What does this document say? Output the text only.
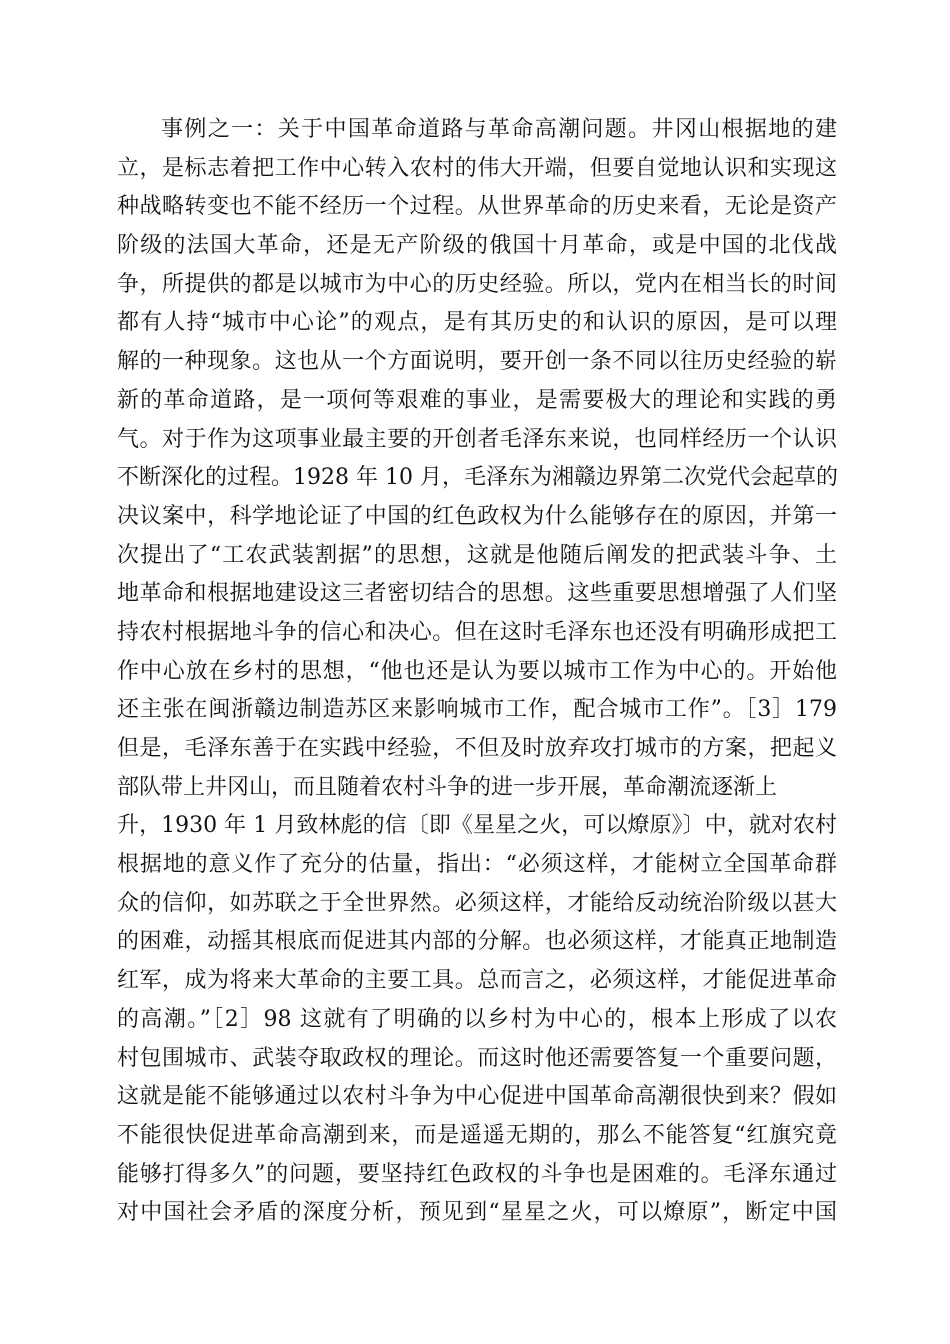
事例之一：关于中国革命道路与革命高潮问题。井冈山根据地的建
立，是标志着把工作中心转入农村的伟大开端，但要自觉地认识和实现这
种战略转变也不能不经历一个过程。从世界革命的历史来看，无论是资产
阶级的法国大革命，还是无产阶级的俄国十月革命，或是中国的北伐战
争，所提供的都是以城市为中心的历史经验。所以，党内在相当长的时间
都有人持“城市中心论”的观点，是有其历史的和认识的原因，是可以理
解的一种现象。这也从一个方面说明，要开创一条不同以往历史经验的崭
新的革命道路，是一项何等艰难的事业，是需要极大的理论和实践的勇
气。对于作为这项事业最主要的开创者毛泽东来说，也同样经历一个认识
不断深化的过程。1928 年 10 月，毛泽东为湘赣边界第二次党代会起草的
决议案中，科学地论证了中国的红色政权为什么能够存在的原因，并第一
次提出了“工农武装割据”的思想，这就是他随后阐发的把武装斗争、土
地革命和根据地建设这三者密切结合的思想。这些重要思想增强了人们坚
持农村根据地斗争的信心和决心。但在这时毛泽东也还没有明确形成把工
作中心放在乡村的思想，“他也还是认为要以城市工作为中心的。开始他
还主张在闽浙赣边制造苏区来影响城市工作，配合城市工作”。［3］179
但是，毛泽东善于在实践中经验，不但及时放弃攻打城市的方案，把起义
部队带上井冈山，而且随着农村斗争的进一步开展，革命潮流逐渐上
升，1930 年 1 月致林彪的信〔即《星星之火，可以燎原》〕中，就对农村
根据地的意义作了充分的估量，指出：“必须这样，才能树立全国革命群
众的信仰，如苏联之于全世界然。必须这样，才能给反动统治阶级以甚大
的困难，动摇其根底而促进其内部的分解。也必须这样，才能真正地制造
红军，成为将来大革命的主要工具。总而言之，必须这样，才能促进革命
的高潮。”［2］98 这就有了明确的以乡村为中心的，根本上形成了以农
村包围城市、武装夺取政权的理论。而这时他还需要答复一个重要问题，
这就是能不能够通过以农村斗争为中心促进中国革命高潮很快到来？假如
不能很快促进革命高潮到来，而是遥遥无期的，那么不能答复“红旗究竟
能够打得多久”的问题，要坚持红色政权的斗争也是困难的。毛泽东通过
对中国社会矛盾的深度分析，预见到“星星之火，可以燎原”，断定中国
